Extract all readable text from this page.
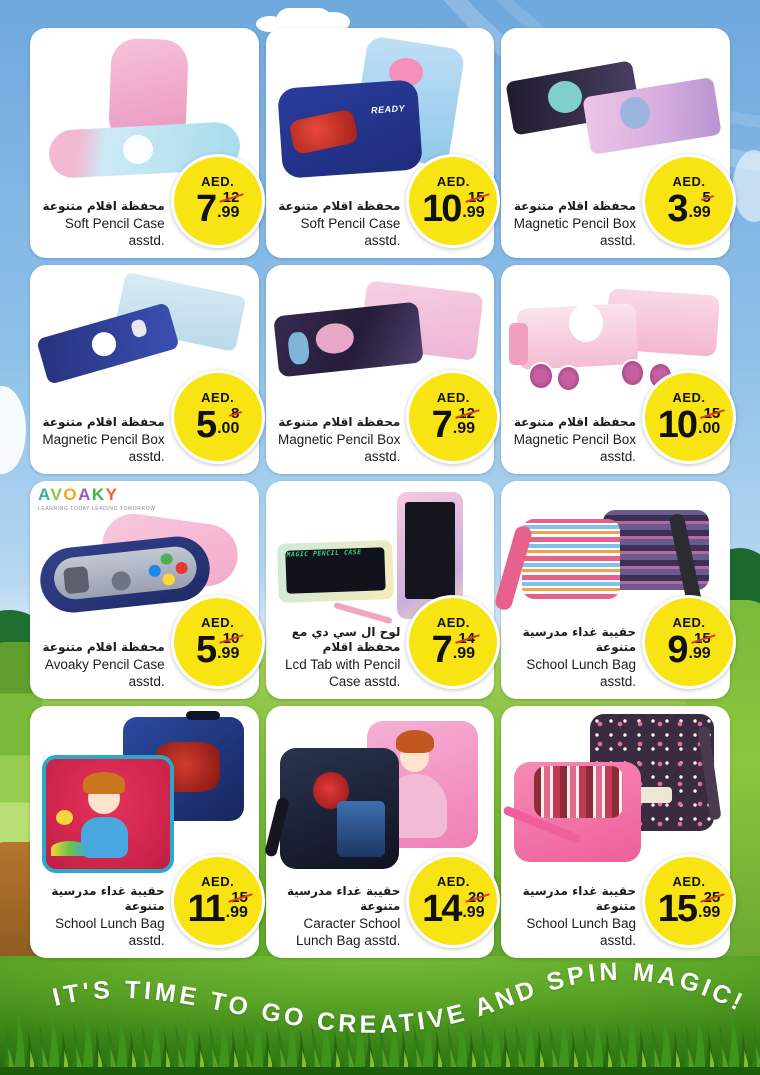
محفظة اقلام متنوعة
Soft Pencil Case asstd.
AED.
7 12
.99
READY
محفظة اقلام متنوعة
Soft Pencil Case asstd.
AED.
10 15
.99	محفظة اقلام متنوعة
Magnetic Pencil Box asstd.
AED.
3 5
.99
محفظة اقلام متنوعة
Magnetic Pencil Box asstd.
AED.
5 8
.00	محفظة اقلام متنوعة
Magnetic Pencil Box asstd.
AED.
7 12
.99	محفظة اقلام متنوعة
Magnetic Pencil Box asstd.
AED.
10 15
.00
AVOAKY
LEARNING TODAY LEADING TOMORROW
محفظة اقلام متنوعة
Avoaky Pencil Case asstd.
AED.
5 10
.99
MAGIC PENCIL CASE
لوح ال سي دي مع محفظة اقلام
Lcd Tab with Pencil Case asstd.
AED.
7 14
.99
حقيبة غداء مدرسية متنوعة
School Lunch Bag asstd.
AED.
9 15
.99
حقيبة غداء مدرسية متنوعة
School Lunch Bag asstd.
AED.
11 15
.99
حقيبة غداء مدرسية متنوعة
Caracter School Lunch Bag asstd.
AED.
14 20
.99
حقيبة غداء مدرسية متنوعة
School Lunch Bag asstd.
AED.
15 25
.99
IT'S TIME TO GO CREATIVE AND SPIN MAGIC!
